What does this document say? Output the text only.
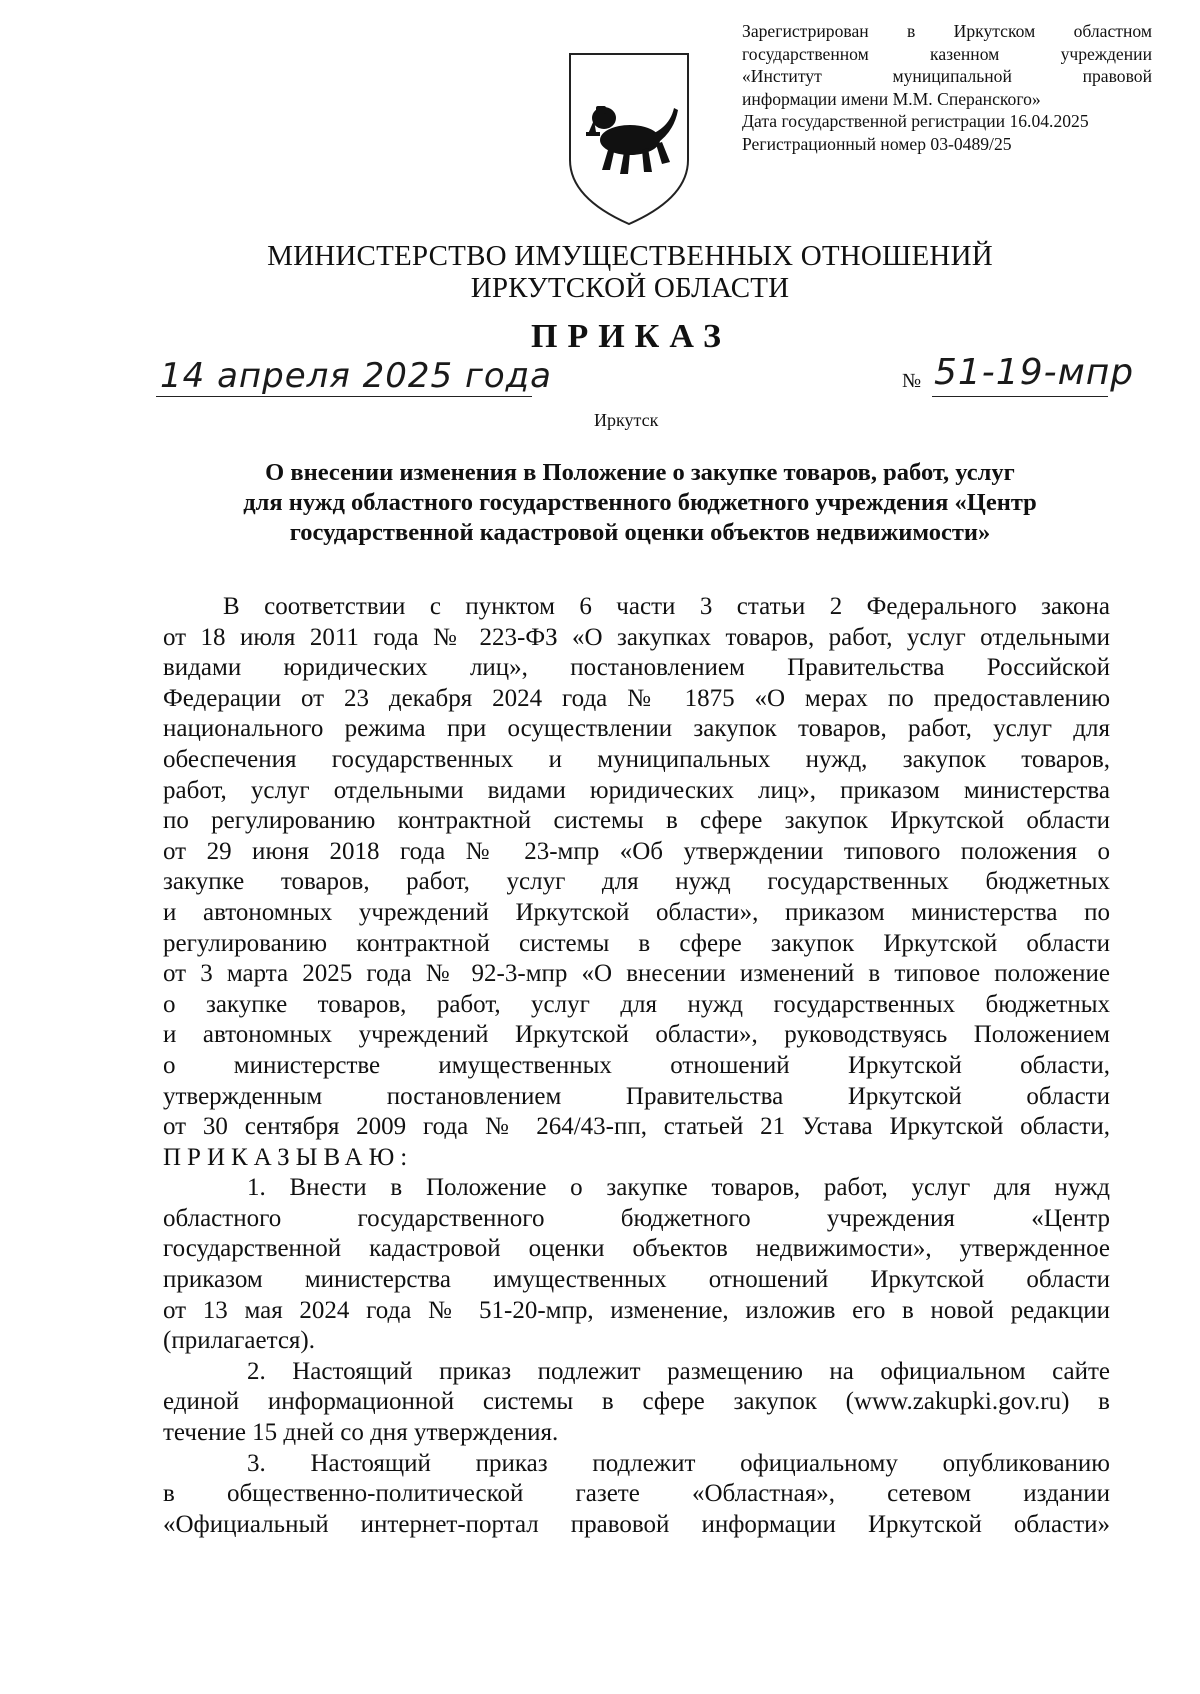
Зарегистрирован в Иркутском областном
государственном казенном учреждении
«Институт муниципальной правовой
информации имени М.М. Сперанского»
Дата государственной регистрации 16.04.2025
Регистрационный номер 03-0489/25
МИНИСТЕРСТВО ИМУЩЕСТВЕННЫХ ОТНОШЕНИЙ
ИРКУТСКОЙ ОБЛАСТИ
ПРИКАЗ
14 апреля 2025 года	№ 51-19-мпр
Иркутск
О внесении изменения в Положение о закупке товаров, работ, услуг
для нужд областного государственного бюджетного учреждения «Центр
государственной кадастровой оценки объектов недвижимости»
В соответствии с пунктом 6 части 3 статьи 2 Федерального закона
от 18 июля 2011 года № 223-ФЗ «О закупках товаров, работ, услуг отдельными
видами юридических лиц», постановлением Правительства Российской
Федерации от 23 декабря 2024 года № 1875 «О мерах по предоставлению
национального режима при осуществлении закупок товаров, работ, услуг для
обеспечения государственных и муниципальных нужд, закупок товаров,
работ, услуг отдельными видами юридических лиц», приказом министерства
по регулированию контрактной системы в сфере закупок Иркутской области
от 29 июня 2018 года № 23-мпр «Об утверждении типового положения о
закупке товаров, работ, услуг для нужд государственных бюджетных
и автономных учреждений Иркутской области», приказом министерства по
регулированию контрактной системы в сфере закупок Иркутской области
от 3 марта 2025 года № 92-3-мпр «О внесении изменений в типовое положение
о закупке товаров, работ, услуг для нужд государственных бюджетных
и автономных учреждений Иркутской области», руководствуясь Положением
о министерстве имущественных отношений Иркутской области,
утвержденным постановлением Правительства Иркутской области
от 30 сентября 2009 года № 264/43-пп, статьей 21 Устава Иркутской области,
ПРИКАЗЫВАЮ:
1. Внести в Положение о закупке товаров, работ, услуг для нужд
областного государственного бюджетного учреждения «Центр
государственной кадастровой оценки объектов недвижимости», утвержденное
приказом министерства имущественных отношений Иркутской области
от 13 мая 2024 года № 51-20-мпр, изменение, изложив его в новой редакции
(прилагается).
2. Настоящий приказ подлежит размещению на официальном сайте
единой информационной системы в сфере закупок (www.zakupki.gov.ru) в
течение 15 дней со дня утверждения.
3. Настоящий приказ подлежит официальному опубликованию
в общественно-политической газете «Областная», сетевом издании
«Официальный интернет-портал правовой информации Иркутской области»
